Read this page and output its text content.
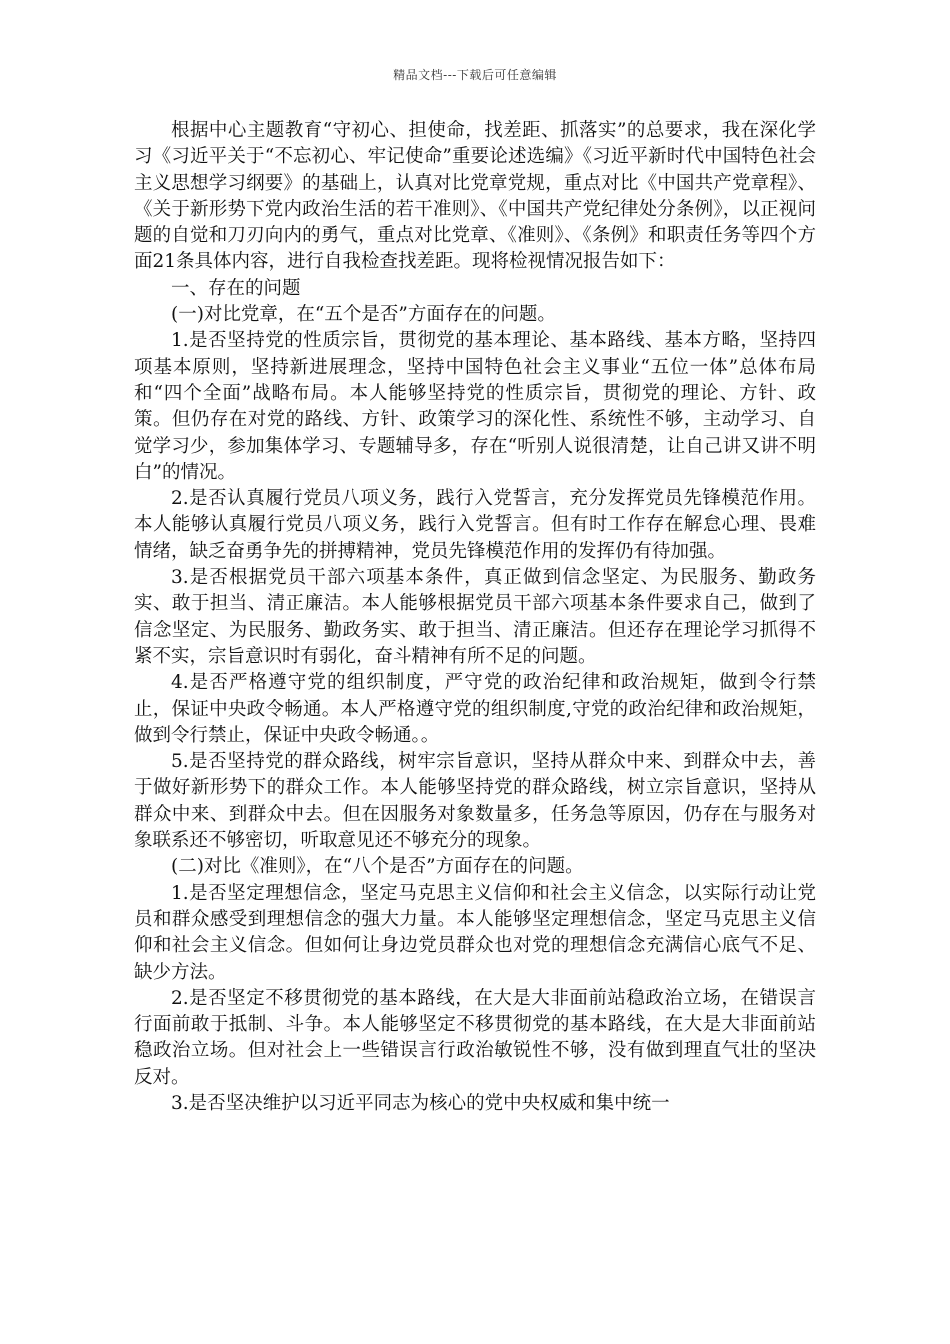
精品文档---下载后可任意编辑

根据中心主题教育“守初心、担使命，找差距、抓落实”的总要求，我在深化学习《习近平关于“不忘初心、牢记使命”重要论述选编》《习近平新时代中国特色社会主义思想学习纲要》的基础上，认真对比党章党规，重点对比《中国共产党章程》、《关于新形势下党内政治生活的若干准则》、《中国共产党纪律处分条例》，以正视问题的自觉和刀刃向内的勇气，重点对比党章、《准则》、《条例》和职责任务等四个方面21条具体内容，进行自我检查找差距。现将检视情况报告如下：

一、存在的问题

(一)对比党章，在“五个是否”方面存在的问题。

1.是否坚持党的性质宗旨，贯彻党的基本理论、基本路线、基本方略，坚持四项基本原则，坚持新进展理念，坚持中国特色社会主义事业“五位一体”总体布局和“四个全面”战略布局。本人能够坚持党的性质宗旨，贯彻党的理论、方针、政策。但仍存在对党的路线、方针、政策学习的深化性、系统性不够，主动学习、自觉学习少，参加集体学习、专题辅导多，存在“听别人说很清楚，让自己讲又讲不明白”的情况。

2.是否认真履行党员八项义务，践行入党誓言，充分发挥党员先锋模范作用。本人能够认真履行党员八项义务，践行入党誓言。但有时工作存在解怠心理、畏难情绪，缺乏奋勇争先的拼搏精神，党员先锋模范作用的发挥仍有待加强。

3.是否根据党员干部六项基本条件，真正做到信念坚定、为民服务、勤政务实、敢于担当、清正廉洁。本人能够根据党员干部六项基本条件要求自己，做到了信念坚定、为民服务、勤政务实、敢于担当、清正廉洁。但还存在理论学习抓得不紧不实，宗旨意识时有弱化，奋斗精神有所不足的问题。

4.是否严格遵守党的组织制度，严守党的政治纪律和政治规矩，做到令行禁止，保证中央政令畅通。本人严格遵守党的组织制度,守党的政治纪律和政治规矩，做到令行禁止，保证中央政令畅通。。

5.是否坚持党的群众路线，树牢宗旨意识，坚持从群众中来、到群众中去，善于做好新形势下的群众工作。本人能够坚持党的群众路线，树立宗旨意识，坚持从群众中来、到群众中去。但在因服务对象数量多，任务急等原因，仍存在与服务对象联系还不够密切，听取意见还不够充分的现象。

(二)对比《准则》，在“八个是否”方面存在的问题。

1.是否坚定理想信念，坚定马克思主义信仰和社会主义信念，以实际行动让党员和群众感受到理想信念的强大力量。本人能够坚定理想信念，坚定马克思主义信仰和社会主义信念。但如何让身边党员群众也对党的理想信念充满信心底气不足、缺少方法。

2.是否坚定不移贯彻党的基本路线，在大是大非面前站稳政治立场，在错误言行面前敢于抵制、斗争。本人能够坚定不移贯彻党的基本路线，在大是大非面前站稳政治立场。但对社会上一些错误言行政治敏锐性不够，没有做到理直气壮的坚决反对。

3.是否坚决维护以习近平同志为核心的党中央权威和集中统一
